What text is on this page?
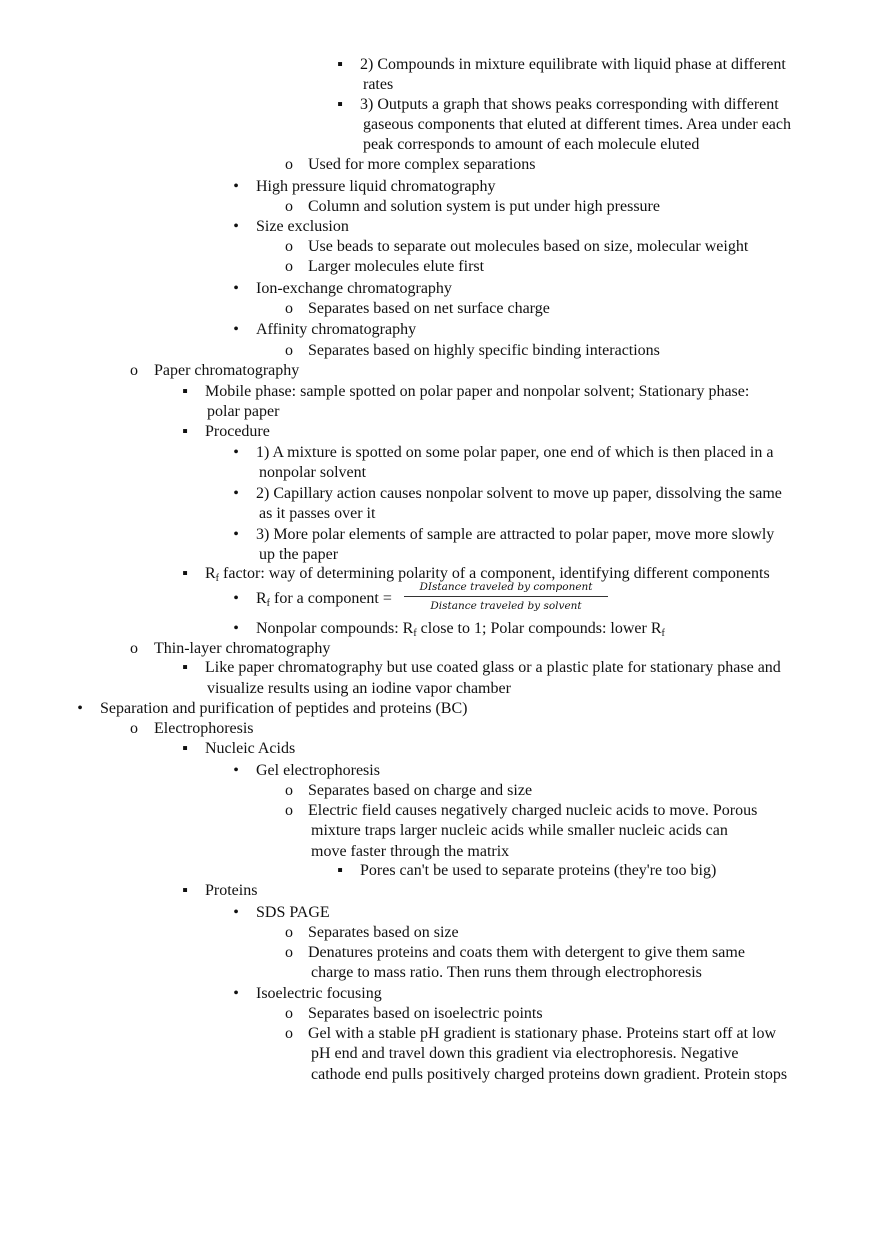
▪ 2) Compounds in mixture equilibrate with liquid phase at different
rates
▪ 3) Outputs a graph that shows peaks corresponding with different
gaseous components that eluted at different times. Area under each
peak corresponds to amount of each molecule eluted
o Used for more complex separations
• High pressure liquid chromatography
o Column and solution system is put under high pressure
• Size exclusion
o Use beads to separate out molecules based on size, molecular weight
o Larger molecules elute first
• Ion-exchange chromatography
o Separates based on net surface charge
• Affinity chromatography
o Separates based on highly specific binding interactions
o Paper chromatography
▪ Mobile phase: sample spotted on polar paper and nonpolar solvent; Stationary phase:
polar paper
▪ Procedure
• 1) A mixture is spotted on some polar paper, one end of which is then placed in a
nonpolar solvent
• 2) Capillary action causes nonpolar solvent to move up paper, dissolving the same
as it passes over it
• 3) More polar elements of sample are attracted to polar paper, move more slowly
up the paper
▪ Rf factor: way of determining polarity of a component, identifying different components
• Rf for a component =
DIstance traveled by component
Distance traveled by solvent
• Nonpolar compounds: Rf close to 1; Polar compounds: lower Rf
o Thin-layer chromatography
▪ Like paper chromatography but use coated glass or a plastic plate for stationary phase and
visualize results using an iodine vapor chamber
• Separation and purification of peptides and proteins (BC)
o Electrophoresis
▪ Nucleic Acids
• Gel electrophoresis
o Separates based on charge and size
o Electric field causes negatively charged nucleic acids to move. Porous
mixture traps larger nucleic acids while smaller nucleic acids can
move faster through the matrix
▪ Pores can't be used to separate proteins (they're too big)
▪ Proteins
• SDS PAGE
o Separates based on size
o Denatures proteins and coats them with detergent to give them same
charge to mass ratio. Then runs them through electrophoresis
• Isoelectric focusing
o Separates based on isoelectric points
o Gel with a stable pH gradient is stationary phase. Proteins start off at low
pH end and travel down this gradient via electrophoresis. Negative
cathode end pulls positively charged proteins down gradient. Protein stops
